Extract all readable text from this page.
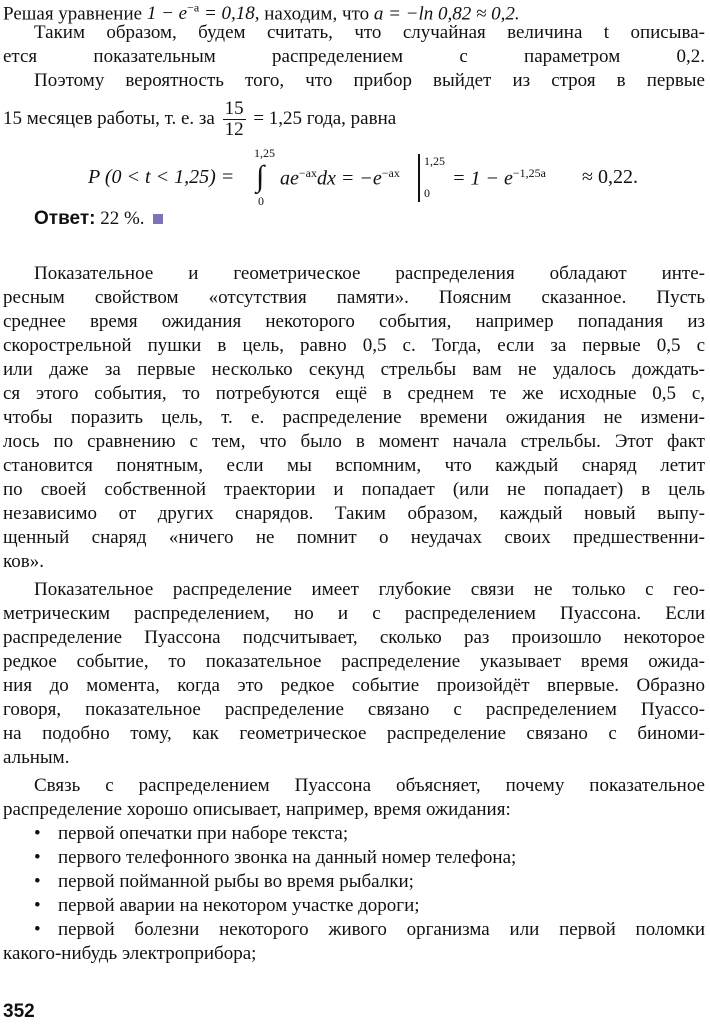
Решая уравнение $1 - e^{-a} = 0,18$, находим, что a = −ln 0,82 ≈ 0,2.
Таким образом, будем считать, что случайная величина t описыва-
ется показательным распределением с параметром 0,2.
Поэтому вероятность того, что прибор выйдет из строя в первые
15 месяцев работы, т. е. за $\frac{15}{12} = 1,25$ года, равна
P (0 < t < 1,25) =
1,25
∫
0
$ae^{-ax}dx = -e^{-ax}$
1,25
0
= $1 - e^{-1,25a} \approx 0,22$.
Ответ: 22 %.
Показательное и геометрическое распределения обладают инте-
ресным свойством «отсутствия памяти». Поясним сказанное. Пусть
среднее время ожидания некоторого события, например попадания из
скорострельной пушки в цель, равно 0,5 с. Тогда, если за первые 0,5 с
или даже за первые несколько секунд стрельбы вам не удалось дождать-
ся этого события, то потребуются ещё в среднем те же исходные 0,5 с,
чтобы поразить цель, т. е. распределение времени ожидания не измени-
лось по сравнению с тем, что было в момент начала стрельбы. Этот факт
становится понятным, если мы вспомним, что каждый снаряд летит
по своей собственной траектории и попадает (или не попадает) в цель
независимо от других снарядов. Таким образом, каждый новый выпу-
щенный снаряд «ничего не помнит о неудачах своих предшественни-
ков».
Показательное распределение имеет глубокие связи не только с гео-
метрическим распределением, но и с распределением Пуассона. Если
распределение Пуассона подсчитывает, сколько раз произошло некоторое
редкое событие, то показательное распределение указывает время ожида-
ния до момента, когда это редкое событие произойдёт впервые. Образно
говоря, показательное распределение связано с распределением Пуассо-
на подобно тому, как геометрическое распределение связано с биноми-
альным.
Связь с распределением Пуассона объясняет, почему показательное
распределение хорошо описывает, например, время ожидания:
• первой опечатки при наборе текста;
• первого телефонного звонка на данный номер телефона;
• первой пойманной рыбы во время рыбалки;
• первой аварии на некотором участке дороги;
• первой болезни некоторого живого организма или первой поломки
какого-нибудь электроприбора;
352
